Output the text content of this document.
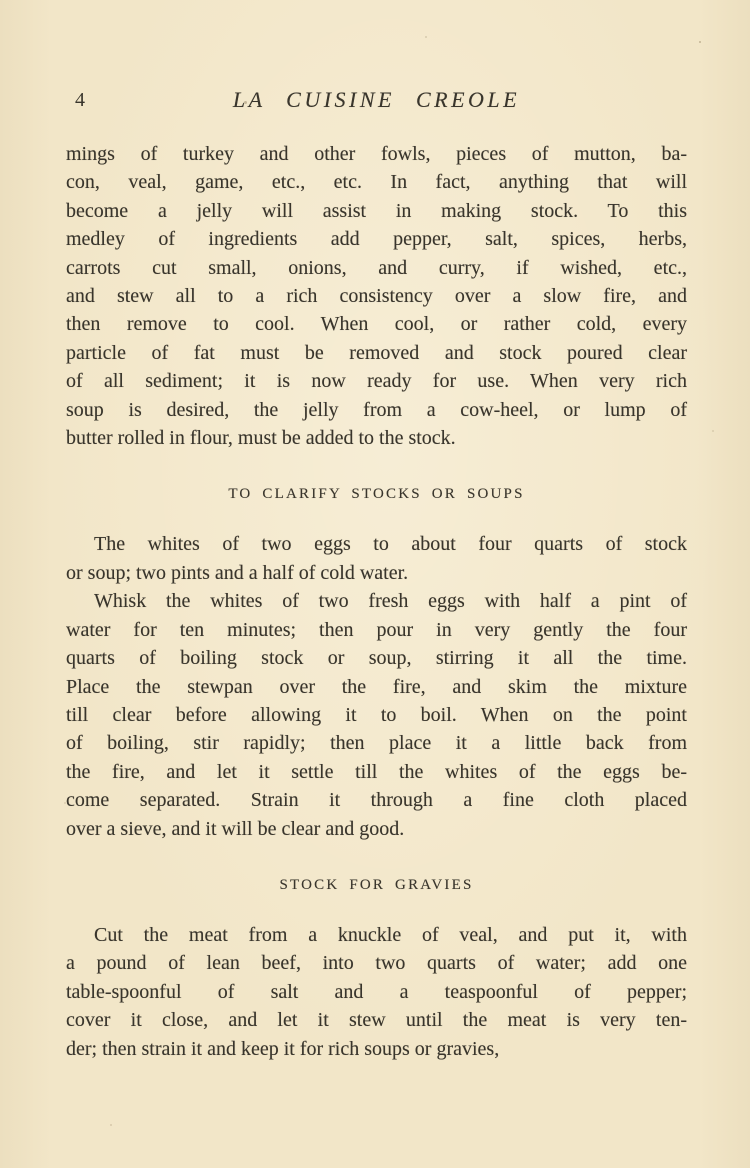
4	LA CUISINE CREOLE
mings of turkey and other fowls, pieces of mutton, ba-
con, veal, game, etc., etc. In fact, anything that will
become a jelly will assist in making stock. To this
medley of ingredients add pepper, salt, spices, herbs,
carrots cut small, onions, and curry, if wished, etc.,
and stew all to a rich consistency over a slow fire, and
then remove to cool. When cool, or rather cold, every
particle of fat must be removed and stock poured clear
of all sediment; it is now ready for use. When very rich
soup is desired, the jelly from a cow-heel, or lump of
butter rolled in flour, must be added to the stock.
TO CLARIFY STOCKS OR SOUPS
The whites of two eggs to about four quarts of stock
or soup; two pints and a half of cold water.
Whisk the whites of two fresh eggs with half a pint of
water for ten minutes; then pour in very gently the four
quarts of boiling stock or soup, stirring it all the time.
Place the stewpan over the fire, and skim the mixture
till clear before allowing it to boil. When on the point
of boiling, stir rapidly; then place it a little back from
the fire, and let it settle till the whites of the eggs be-
come separated. Strain it through a fine cloth placed
over a sieve, and it will be clear and good.
STOCK FOR GRAVIES
Cut the meat from a knuckle of veal, and put it, with
a pound of lean beef, into two quarts of water; add one
table-spoonful of salt and a teaspoonful of pepper;
cover it close, and let it stew until the meat is very ten-
der; then strain it and keep it for rich soups or gravies,
